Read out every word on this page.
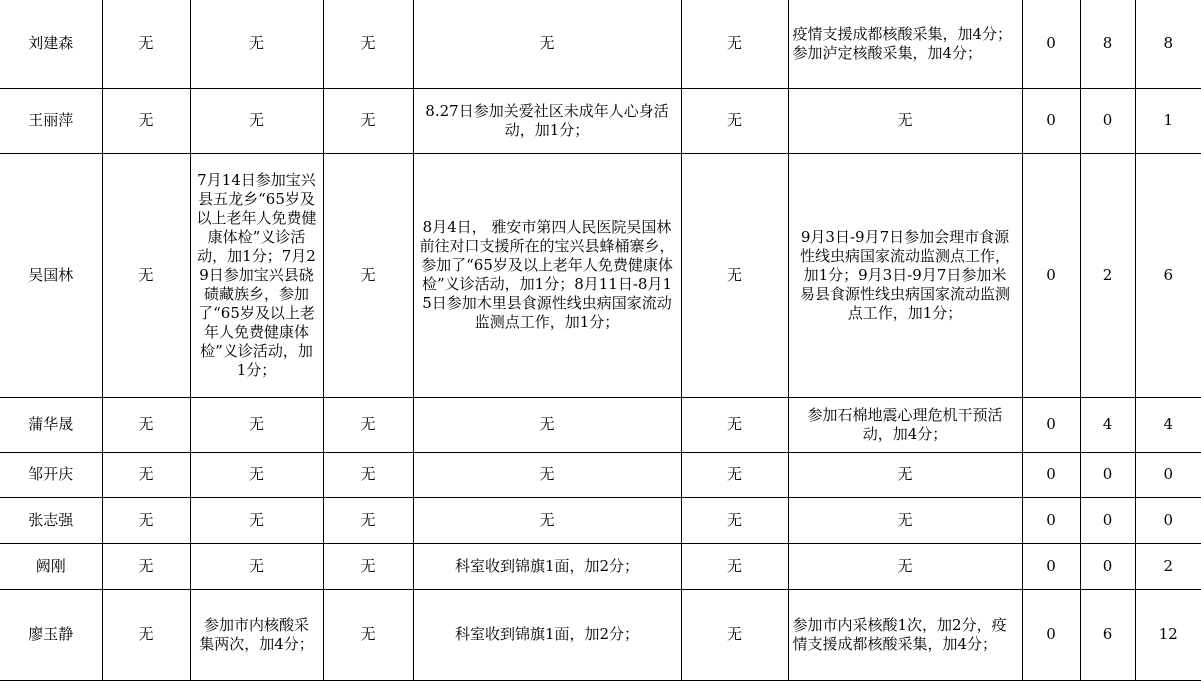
刘建森	无	无	无	无	无	疫情支援成都核酸采集，加4分；参加泸定核酸采集，加4分；	0	8	8
王丽萍	无	无	无	8.27日参加关爱社区未成年人心身活动，加1分；	无	无	0	0	1
吴国林	无	7月14日参加宝兴县五龙乡“65岁及以上老年人免费健康体检”义诊活动，加1分；7月29日参加宝兴县硗碛藏族乡，参加了“65岁及以上老年人免费健康体检”义诊活动，加1分；	无	8月4日， 雅安市第四人民医院吴国林前往对口支援所在的宝兴县蜂桶寨乡， 参加了“65岁及以上老年人免费健康体检”义诊活动，加1分；8月11日-8月15日参加木里县食源性线虫病国家流动监测点工作，加1分；	无	9月3日-9月7日参加会理市食源性线虫病国家流动监测点工作，加1分；9月3日-9月7日参加米易县食源性线虫病国家流动监测点工作，加1分；	0	2	6
蒲华晟	无	无	无	无	无	参加石棉地震心理危机干预活动，加4分；	0	4	4
邹开庆	无	无	无	无	无	无	0	0	0
张志强	无	无	无	无	无	无	0	0	0
阙刚	无	无	无	科室收到锦旗1面，加2分；	无	无	0	0	2
廖玉静	无	参加市内核酸采集两次，加4分；	无	科室收到锦旗1面，加2分；	无	参加市内采核酸1次，加2分，疫情支援成都核酸采集，加4分；	0	6	12
